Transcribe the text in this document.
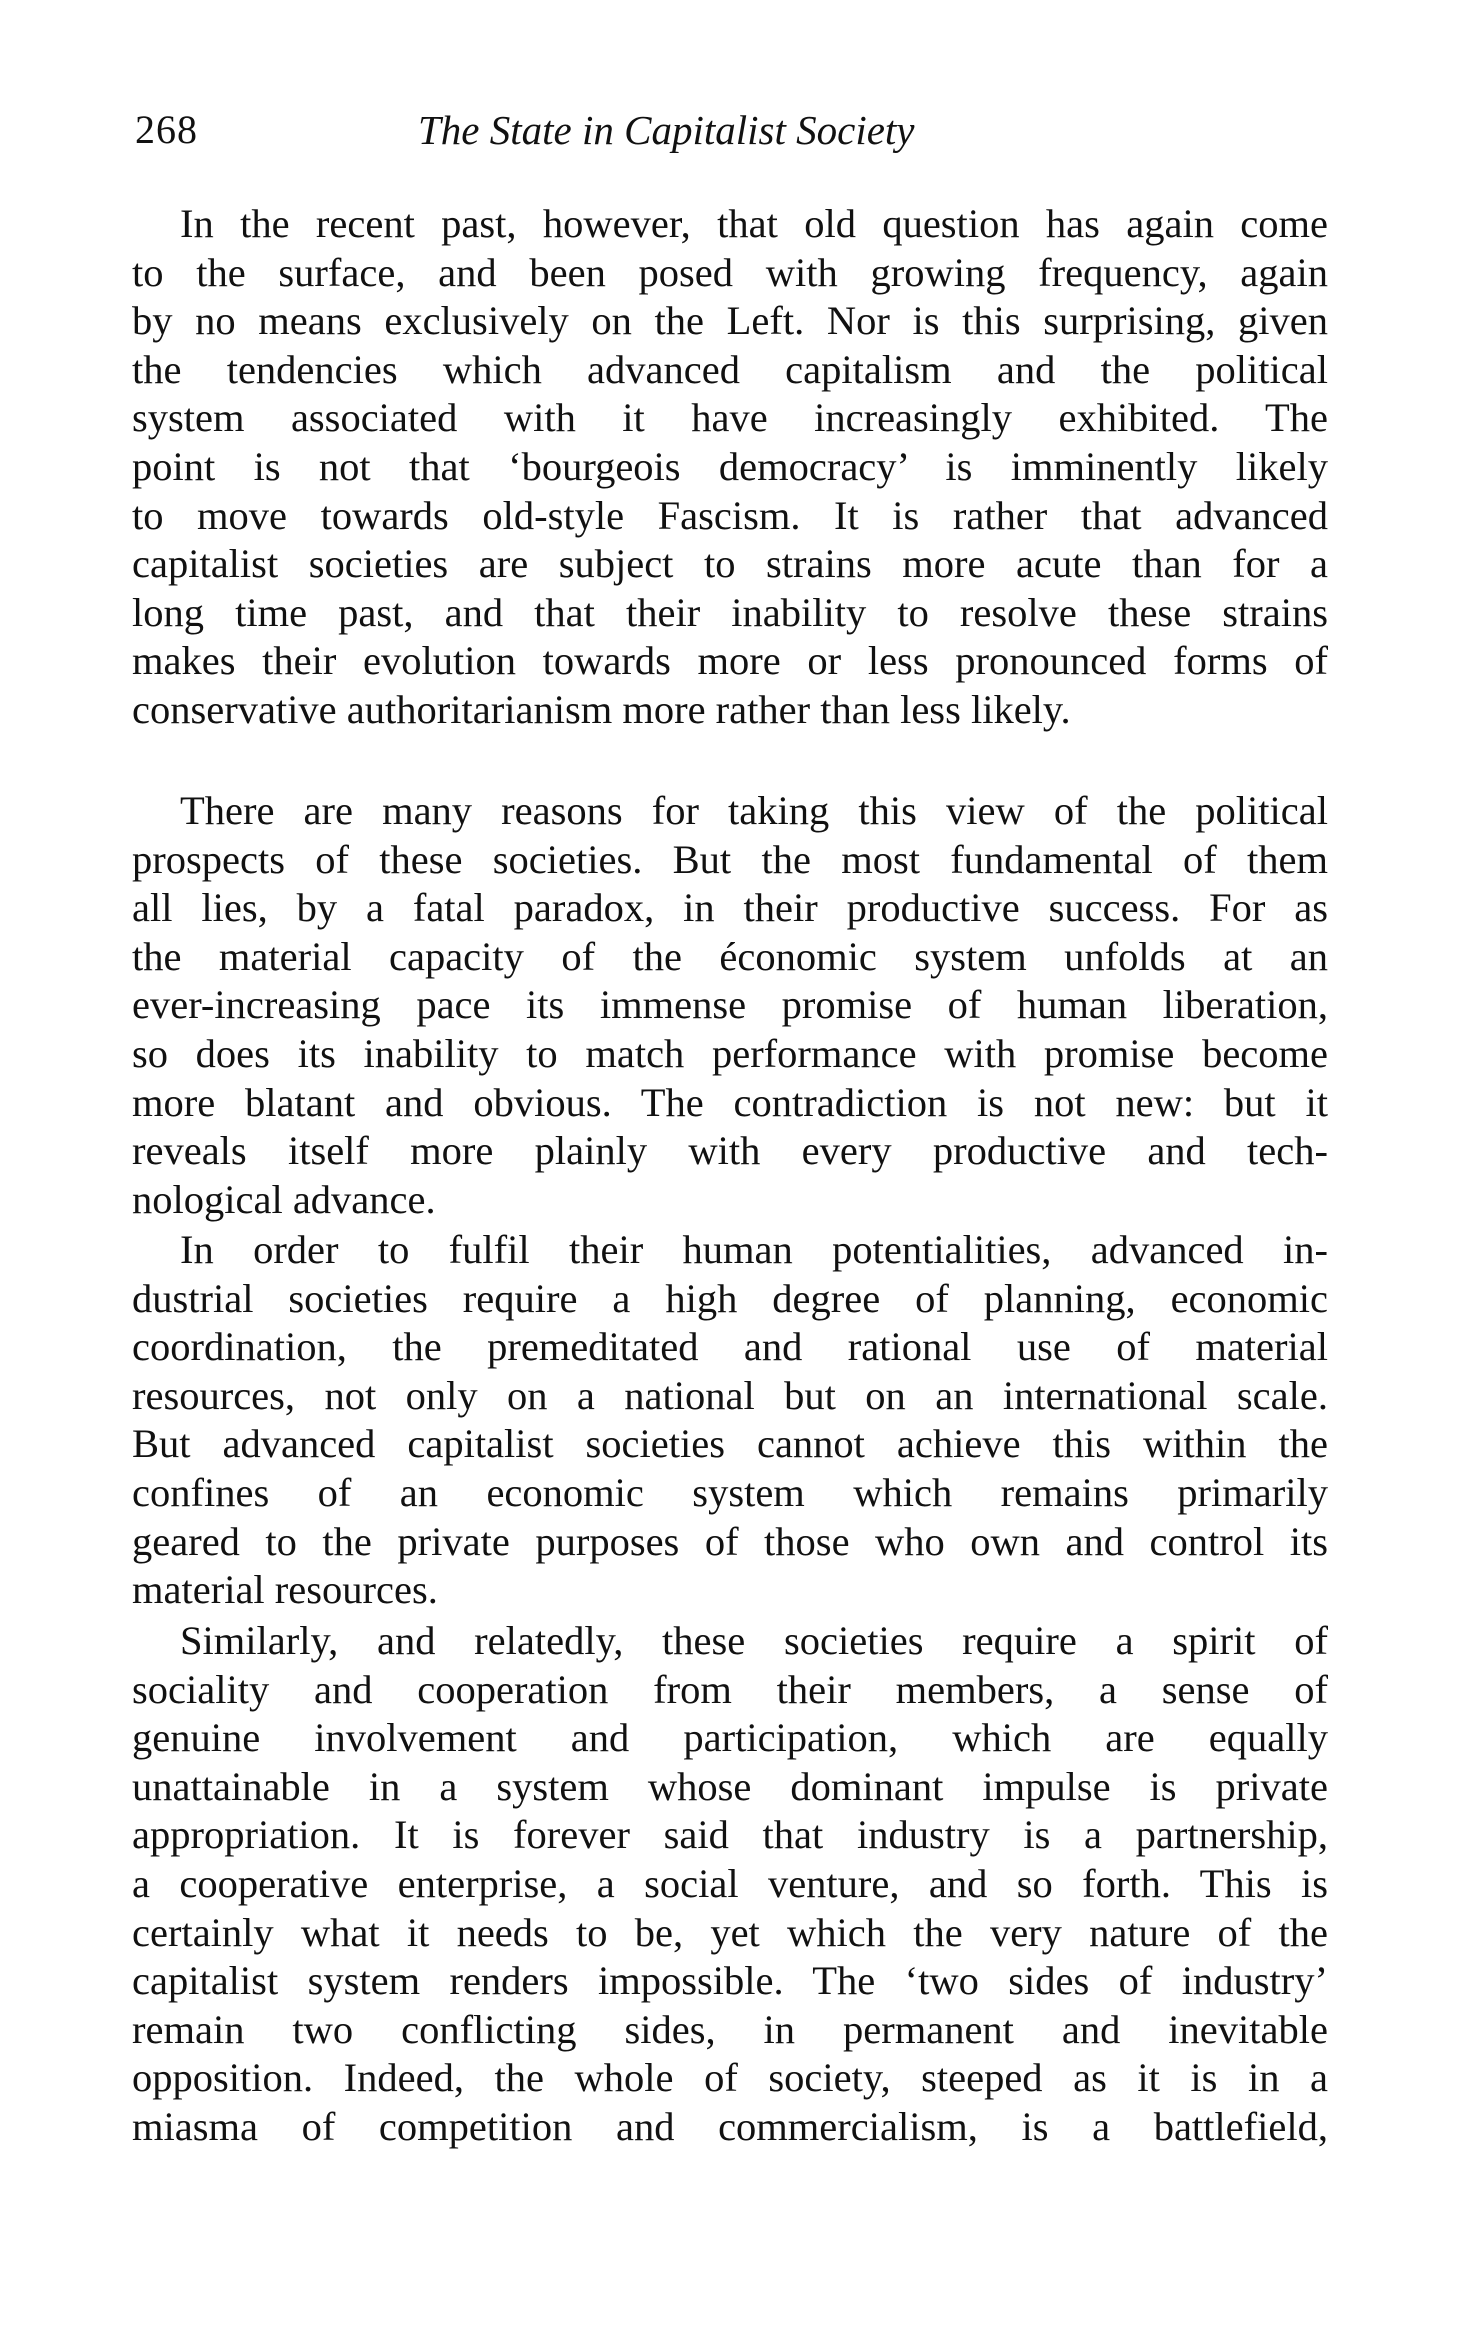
268	The State in Capitalist Society
In the recent past, however, that old question has again come
to the surface, and been posed with growing frequency, again
by no means exclusively on the Left. Nor is this surprising, given
the tendencies which advanced capitalism and the political
system associated with it have increasingly exhibited. The
point is not that ‘bourgeois democracy’ is imminently likely
to move towards old-style Fascism. It is rather that advanced
capitalist societies are subject to strains more acute than for a
long time past, and that their inability to resolve these strains
makes their evolution towards more or less pronounced forms of
conservative authoritarianism more rather than less likely.
There are many reasons for taking this view of the political
prospects of these societies. But the most fundamental of them
all lies, by a fatal paradox, in their productive success. For as
the material capacity of the économic system unfolds at an
ever-increasing pace its immense promise of human liberation,
so does its inability to match performance with promise become
more blatant and obvious. The contradiction is not new: but it
reveals itself more plainly with every productive and tech-
nological advance.
In order to fulfil their human potentialities, advanced in-
dustrial societies require a high degree of planning, economic
coordination, the premeditated and rational use of material
resources, not only on a national but on an international scale.
But advanced capitalist societies cannot achieve this within the
confines of an economic system which remains primarily
geared to the private purposes of those who own and control its
material resources.
Similarly, and relatedly, these societies require a spirit of
sociality and cooperation from their members, a sense of
genuine involvement and participation, which are equally
unattainable in a system whose dominant impulse is private
appropriation. It is forever said that industry is a partnership,
a cooperative enterprise, a social venture, and so forth. This is
certainly what it needs to be, yet which the very nature of the
capitalist system renders impossible. The ‘two sides of industry’
remain two conflicting sides, in permanent and inevitable
opposition. Indeed, the whole of society, steeped as it is in a
miasma of competition and commercialism, is a battlefield,
